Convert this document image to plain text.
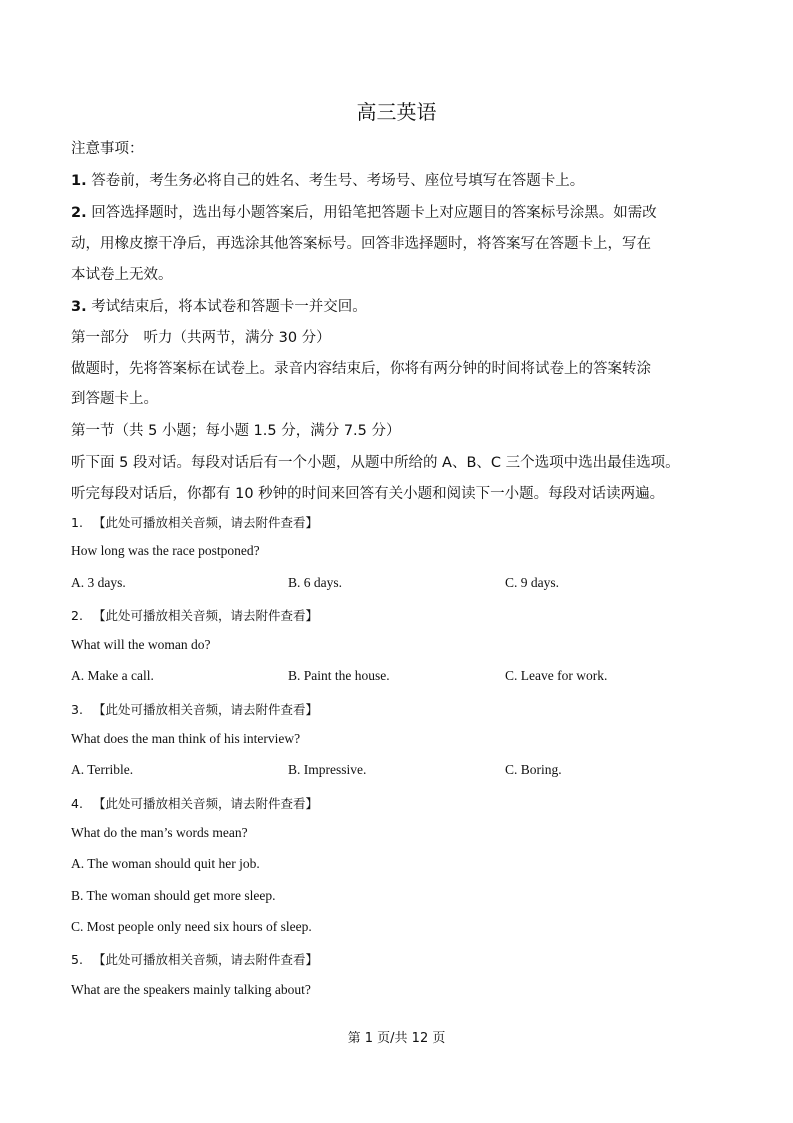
高三英语
注意事项：
1. 答卷前，考生务必将自己的姓名、考生号、考场号、座位号填写在答题卡上。
2. 回答选择题时，选出每小题答案后，用铅笔把答题卡上对应题目的答案标号涂黑。如需改
动，用橡皮擦干净后，再选涂其他答案标号。回答非选择题时，将答案写在答题卡上，写在
本试卷上无效。
3. 考试结束后，将本试卷和答题卡一并交回。
第一部分　听力（共两节，满分 30 分）
做题时，先将答案标在试卷上。录音内容结束后，你将有两分钟的时间将试卷上的答案转涂
到答题卡上。
第一节（共 5 小题；每小题 1.5 分，满分 7.5 分）
听下面 5 段对话。每段对话后有一个小题，从题中所给的 A、B、C 三个选项中选出最佳选项。
听完每段对话后，你都有 10 秒钟的时间来回答有关小题和阅读下一小题。每段对话读两遍。
1. 【此处可播放相关音频，请去附件查看】
How long was the race postponed?
A. 3 days.	B. 6 days.	C. 9 days.
2. 【此处可播放相关音频，请去附件查看】
What will the woman do?
A. Make a call.	B. Paint the house.	C. Leave for work.
3. 【此处可播放相关音频，请去附件查看】
What does the man think of his interview?
A. Terrible.	B. Impressive.	C. Boring.
4. 【此处可播放相关音频，请去附件查看】
What do the man’s words mean?
A. The woman should quit her job.
B. The woman should get more sleep.
C. Most people only need six hours of sleep.
5. 【此处可播放相关音频，请去附件查看】
What are the speakers mainly talking about?
第 1 页/共 12 页
